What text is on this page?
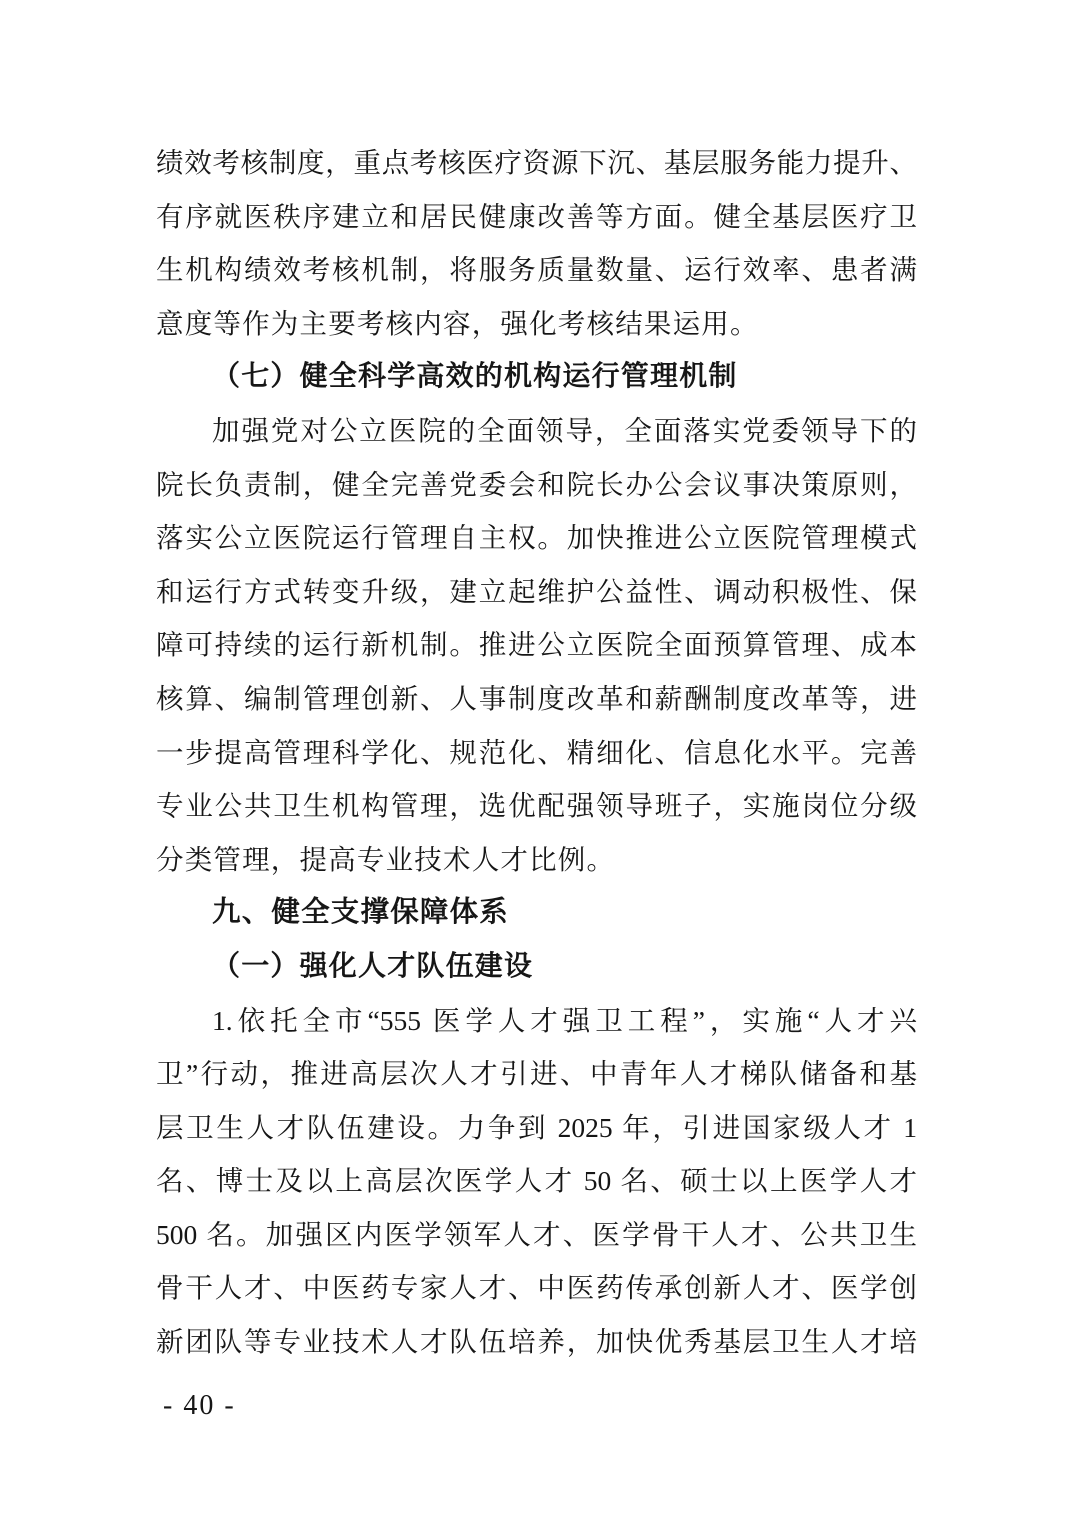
绩效考核制度，重点考核医疗资源下沉、基层服务能力提升、

有序就医秩序建立和居民健康改善等方面。健全基层医疗卫

生机构绩效考核机制，将服务质量数量、运行效率、患者满

意度等作为主要考核内容，强化考核结果运用。

（七）健全科学高效的机构运行管理机制

加强党对公立医院的全面领导，全面落实党委领导下的

院长负责制，健全完善党委会和院长办公会议事决策原则，

落实公立医院运行管理自主权。加快推进公立医院管理模式

和运行方式转变升级，建立起维护公益性、调动积极性、保

障可持续的运行新机制。推进公立医院全面预算管理、成本

核算、编制管理创新、人事制度改革和薪酬制度改革等，进

一步提高管理科学化、规范化、精细化、信息化水平。完善

专业公共卫生机构管理，选优配强领导班子，实施岗位分级

分类管理，提高专业技术人才比例。

九、健全支撑保障体系

（一）强化人才队伍建设

1.依托全市“555 医学人才强卫工程”，实施“人才兴

卫”行动，推进高层次人才引进、中青年人才梯队储备和基

层卫生人才队伍建设。力争到 2025 年，引进国家级人才 1

名、博士及以上高层次医学人才 50 名、硕士以上医学人才

500 名。加强区内医学领军人才、医学骨干人才、公共卫生

骨干人才、中医药专家人才、中医药传承创新人才、医学创

新团队等专业技术人才队伍培养，加快优秀基层卫生人才培

- 40 -
